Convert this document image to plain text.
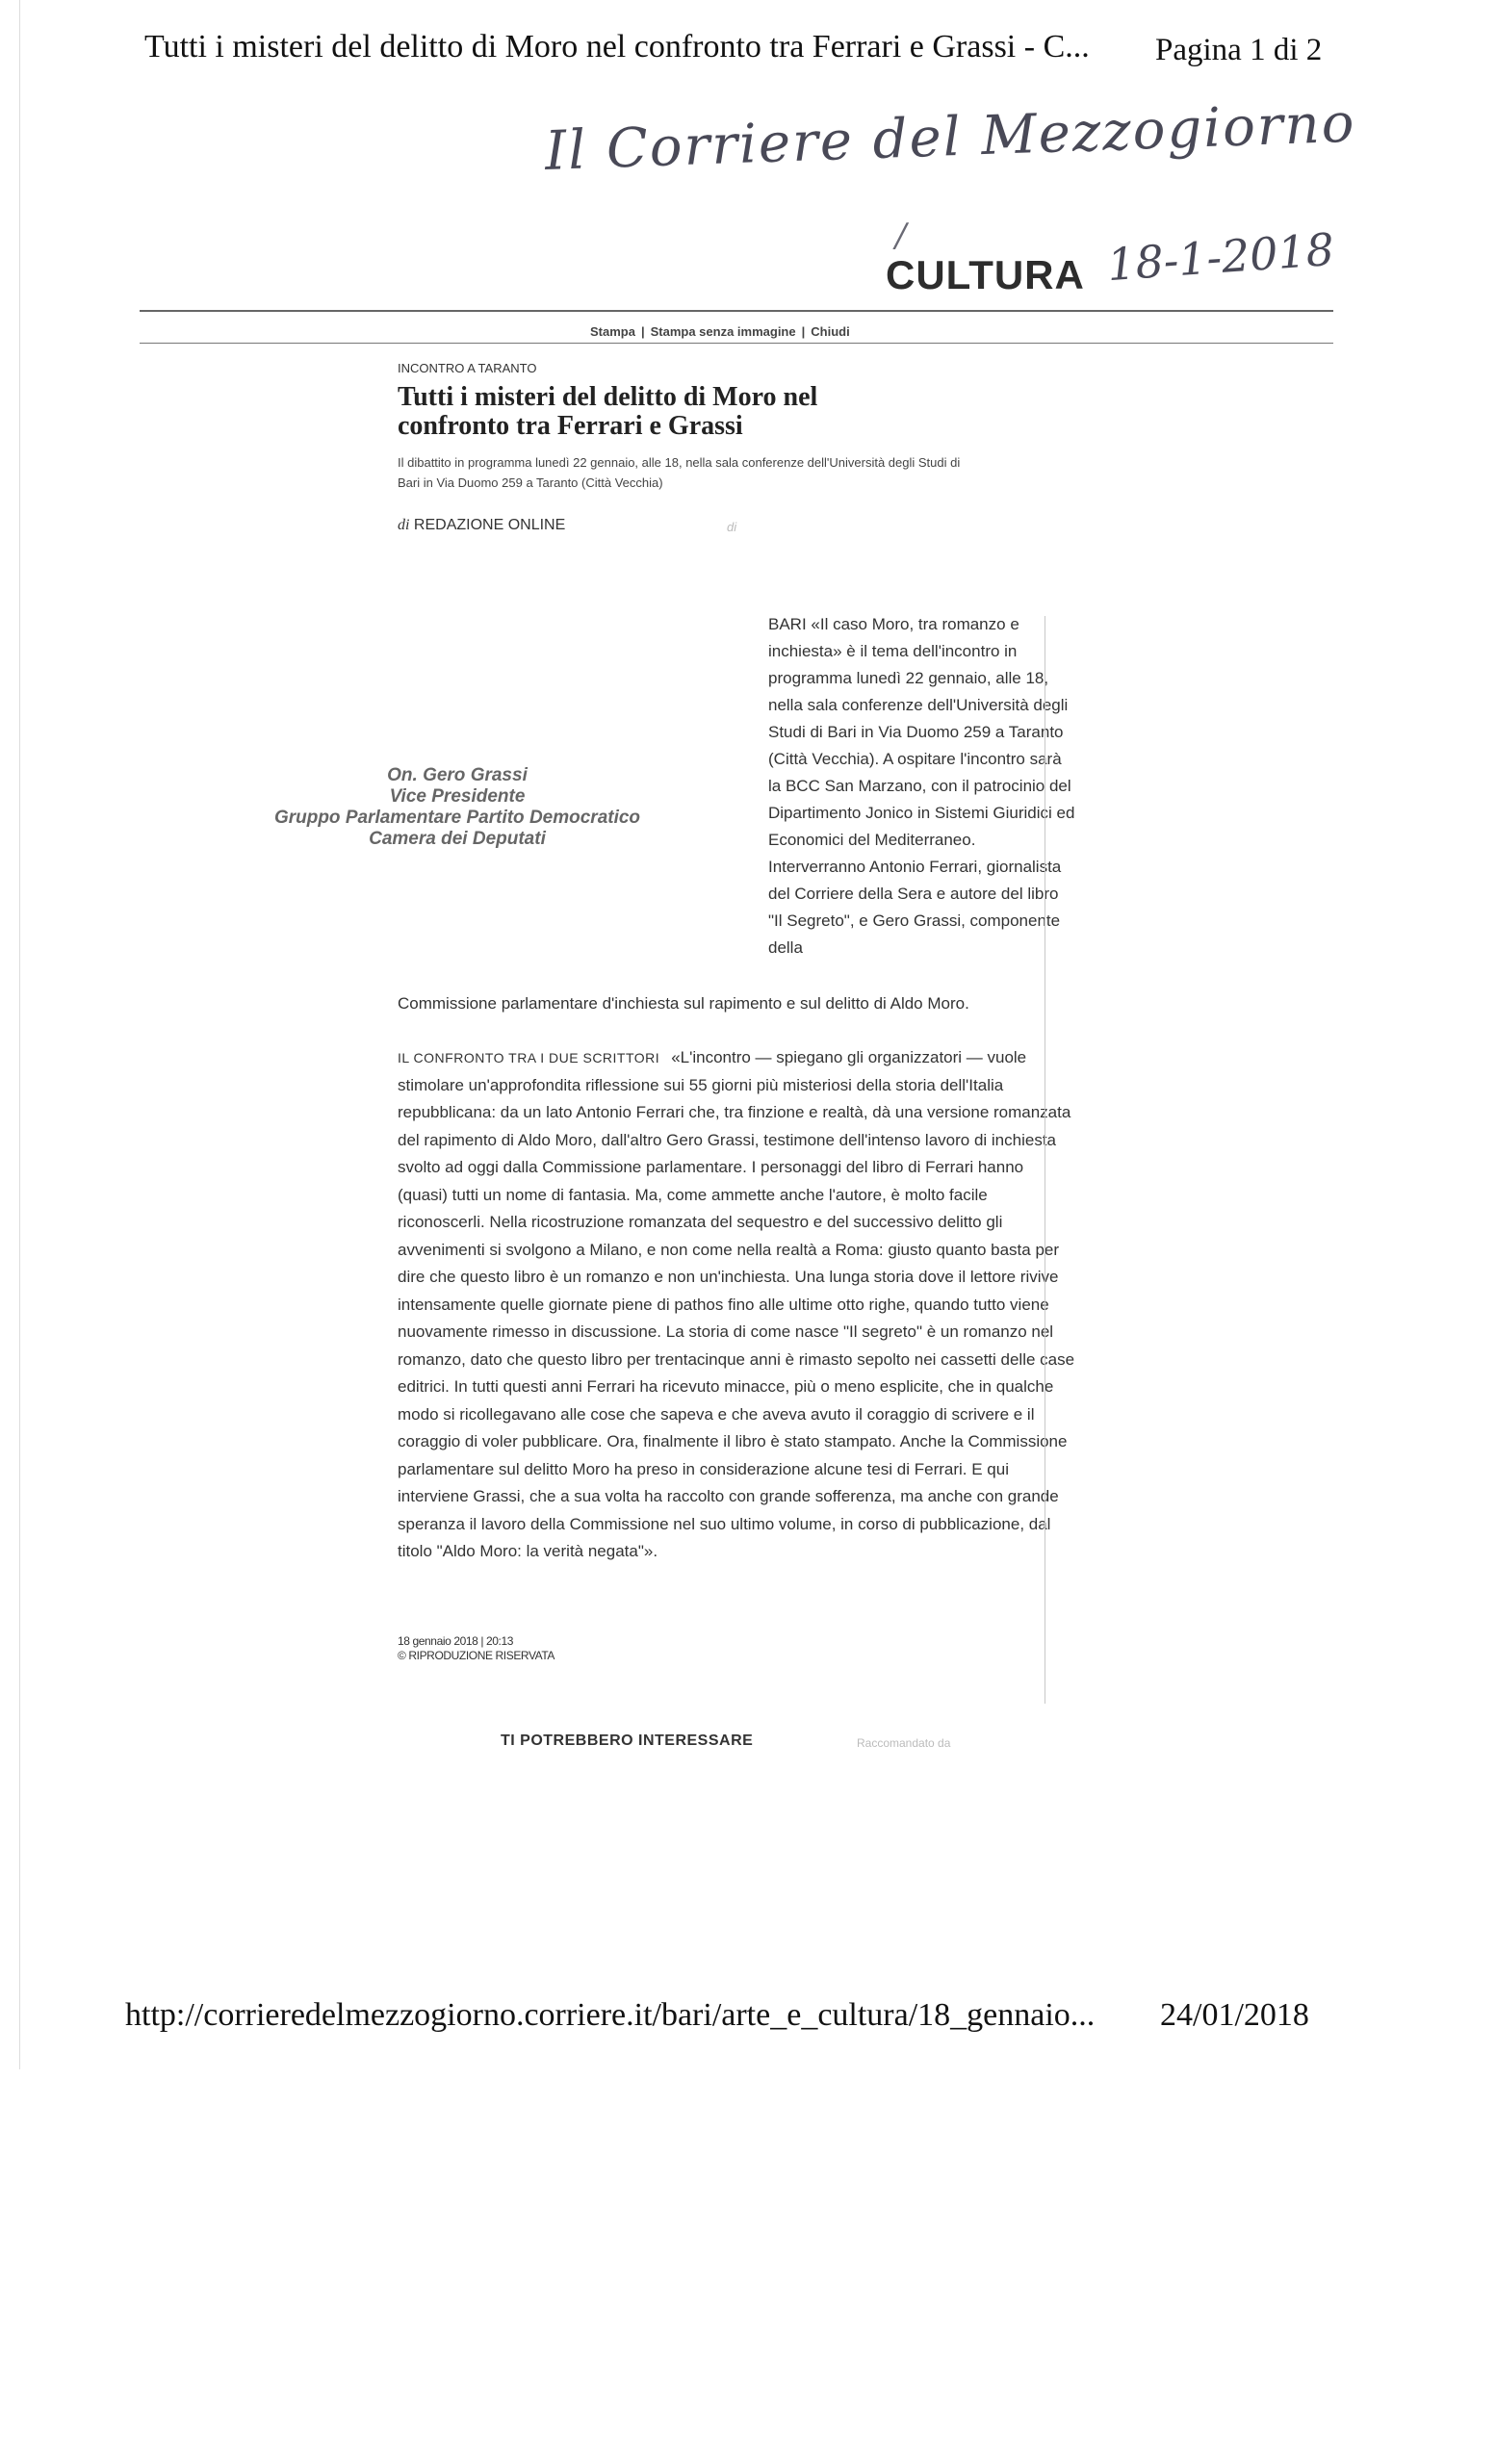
Tutti i misteri del delitto di Moro nel confronto tra Ferrari e Grassi - C... Pagina 1 di 2
Il Corriere del Mezzogiorno
/	18-1-2018
CULTURA
Stampa | Stampa senza immagine | Chiudi
INCONTRO A TARANTO
Tutti i misteri del delitto di Moro nel confronto tra Ferrari e Grassi
Il dibattito in programma lunedì 22 gennaio, alle 18, nella sala conferenze dell'Università degli Studi di Bari in Via Duomo 259 a Taranto (Città Vecchia)
di REDAZIONE ONLINE	di
On. Gero Grassi
Vice Presidente
Gruppo Parlamentare Partito Democratico
Camera dei Deputati
BARI «Il caso Moro, tra romanzo e inchiesta» è il tema dell'incontro in programma lunedì 22 gennaio, alle 18, nella sala conferenze dell'Università degli Studi di Bari in Via Duomo 259 a Taranto (Città Vecchia). A ospitare l'incontro sarà la BCC San Marzano, con il patrocinio del Dipartimento Jonico in Sistemi Giuridici ed Economici del Mediterraneo. Interverranno Antonio Ferrari, giornalista del Corriere della Sera e autore del libro "Il Segreto", e Gero Grassi, componente della
Commissione parlamentare d'inchiesta sul rapimento e sul delitto di Aldo Moro.
IL CONFRONTO TRA I DUE SCRITTORI «L'incontro — spiegano gli organizzatori — vuole stimolare un'approfondita riflessione sui 55 giorni più misteriosi della storia dell'Italia repubblicana: da un lato Antonio Ferrari che, tra finzione e realtà, dà una versione romanzata del rapimento di Aldo Moro, dall'altro Gero Grassi, testimone dell'intenso lavoro di inchiesta svolto ad oggi dalla Commissione parlamentare. I personaggi del libro di Ferrari hanno (quasi) tutti un nome di fantasia. Ma, come ammette anche l'autore, è molto facile riconoscerli. Nella ricostruzione romanzata del sequestro e del successivo delitto gli avvenimenti si svolgono a Milano, e non come nella realtà a Roma: giusto quanto basta per dire che questo libro è un romanzo e non un'inchiesta. Una lunga storia dove il lettore rivive intensamente quelle giornate piene di pathos fino alle ultime otto righe, quando tutto viene nuovamente rimesso in discussione. La storia di come nasce "Il segreto" è un romanzo nel romanzo, dato che questo libro per trentacinque anni è rimasto sepolto nei cassetti delle case editrici. In tutti questi anni Ferrari ha ricevuto minacce, più o meno esplicite, che in qualche modo si ricollegavano alle cose che sapeva e che aveva avuto il coraggio di scrivere e il coraggio di voler pubblicare. Ora, finalmente il libro è stato stampato. Anche la Commissione parlamentare sul delitto Moro ha preso in considerazione alcune tesi di Ferrari. E qui interviene Grassi, che a sua volta ha raccolto con grande sofferenza, ma anche con grande speranza il lavoro della Commissione nel suo ultimo volume, in corso di pubblicazione, dal titolo "Aldo Moro: la verità negata"».
18 gennaio 2018 | 20:13
© RIPRODUZIONE RISERVATA
TI POTREBBERO INTERESSARE	Raccomandato da
http://corrieredelmezzogiorno.corriere.it/bari/arte_e_cultura/18_gennaio... 24/01/2018
